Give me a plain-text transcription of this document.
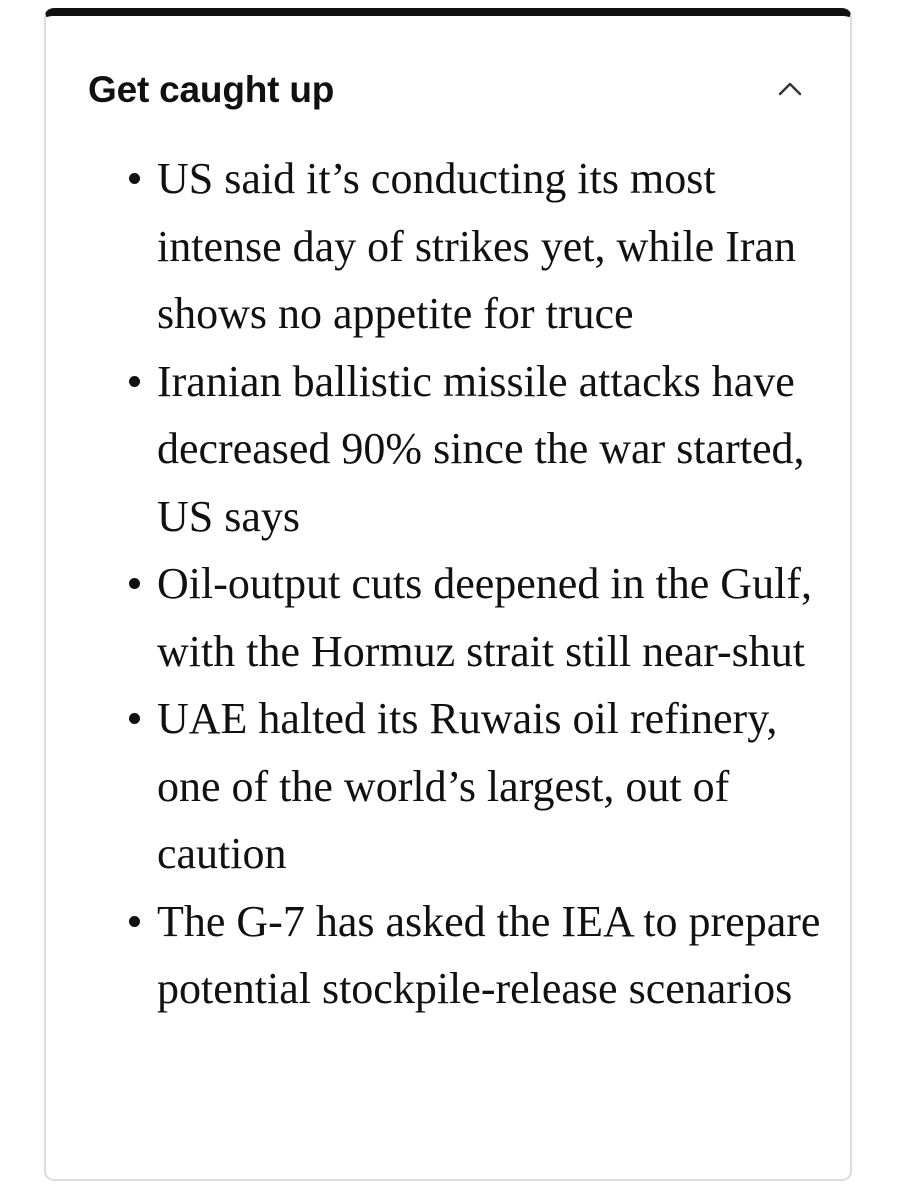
Get caught up
US said it’s conducting its most intense day of strikes yet, while Iran shows no appetite for truce
Iranian ballistic missile attacks have decreased 90% since the war started, US says
Oil-output cuts deepened in the Gulf, with the Hormuz strait still near-shut
UAE halted its Ruwais oil refinery, one of the world’s largest, out of caution
The G-7 has asked the IEA to prepare potential stockpile-release scenarios
